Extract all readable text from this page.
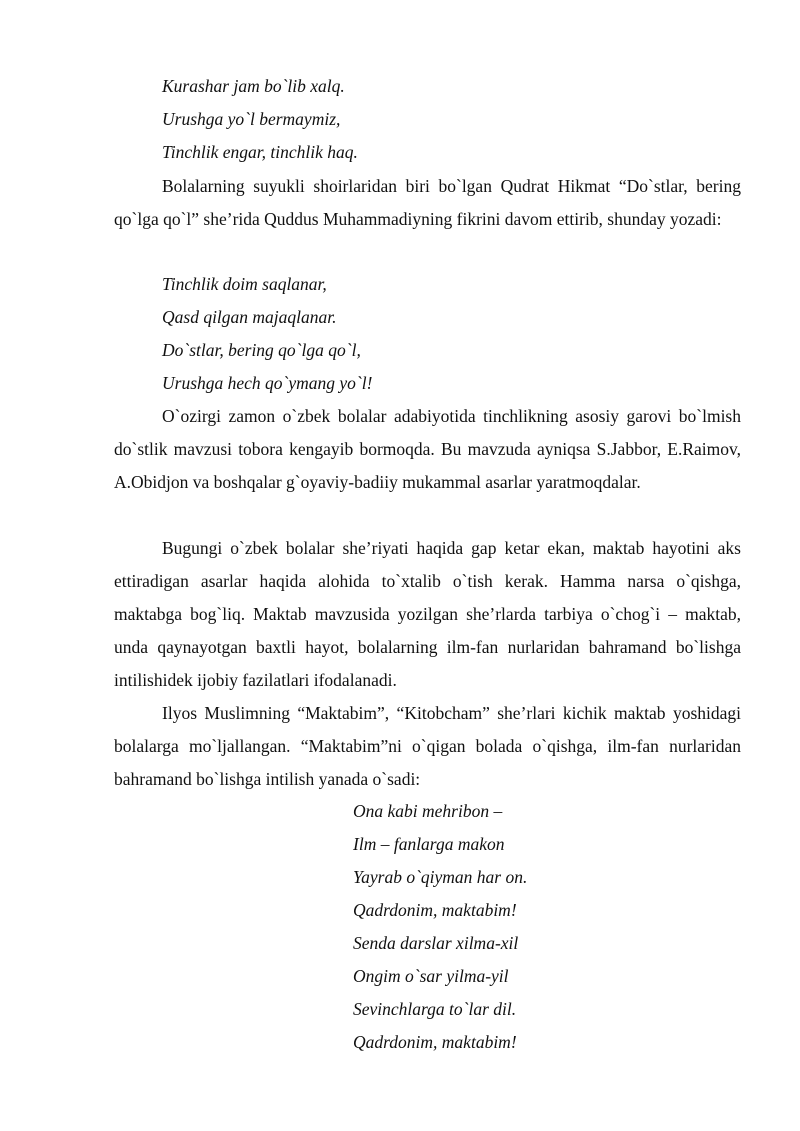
Kurashar jam bo`lib xalq.
Urushga yo`l bermaymiz,
Tinchlik engar, tinchlik haq.
Bolalarning suyukli shoirlaridan biri bo`lgan Qudrat Hikmat “Do`stlar, bering qo`lga qo`l” she’rida Quddus Muhammadiyning fikrini davom ettirib, shunday yozadi:
Tinchlik doim saqlanar,
Qasd qilgan majaqlanar.
Do`stlar, bering qo`lga qo`l,
Urushga hech qo`ymang yo`l!
O`ozirgi zamon o`zbek bolalar adabiyotida tinchlikning asosiy garovi bo`lmish do`stlik mavzusi tobora kengayib bormoqda. Bu mavzuda ayniqsa S.Jabbor, E.Raimov, A.Obidjon va boshqalar g`oyaviy-badiiy mukammal asarlar yaratmoqdalar.
Bugungi o`zbek bolalar she’riyati haqida gap ketar ekan, maktab hayotini aks ettiradigan asarlar haqida alohida to`xtalib o`tish kerak. Hamma narsa o`qishga, maktabga bog`liq. Maktab mavzusida yozilgan she’rlarda tarbiya o`chog`i – maktab, unda qaynayotgan baxtli hayot, bolalarning ilm-fan nurlaridan bahramand bo`lishga intilishidek ijobiy fazilatlari ifodalanadi.
Ilyos Muslimning “Maktabim”, “Kitobcham” she’rlari kichik maktab yoshidagi bolalarga mo`ljallangan. “Maktabim”ni o`qigan bolada o`qishga, ilm-fan nurlaridan bahramand bo`lishga intilish yanada o`sadi:
Ona kabi mehribon –
Ilm – fanlarga makon
Yayrab o`qiyman har on.
Qadrdonim, maktabim!
Senda darslar xilma-xil
Ongim o`sar yilma-yil
Sevinchlarga to`lar dil.
Qadrdonim, maktabim!
